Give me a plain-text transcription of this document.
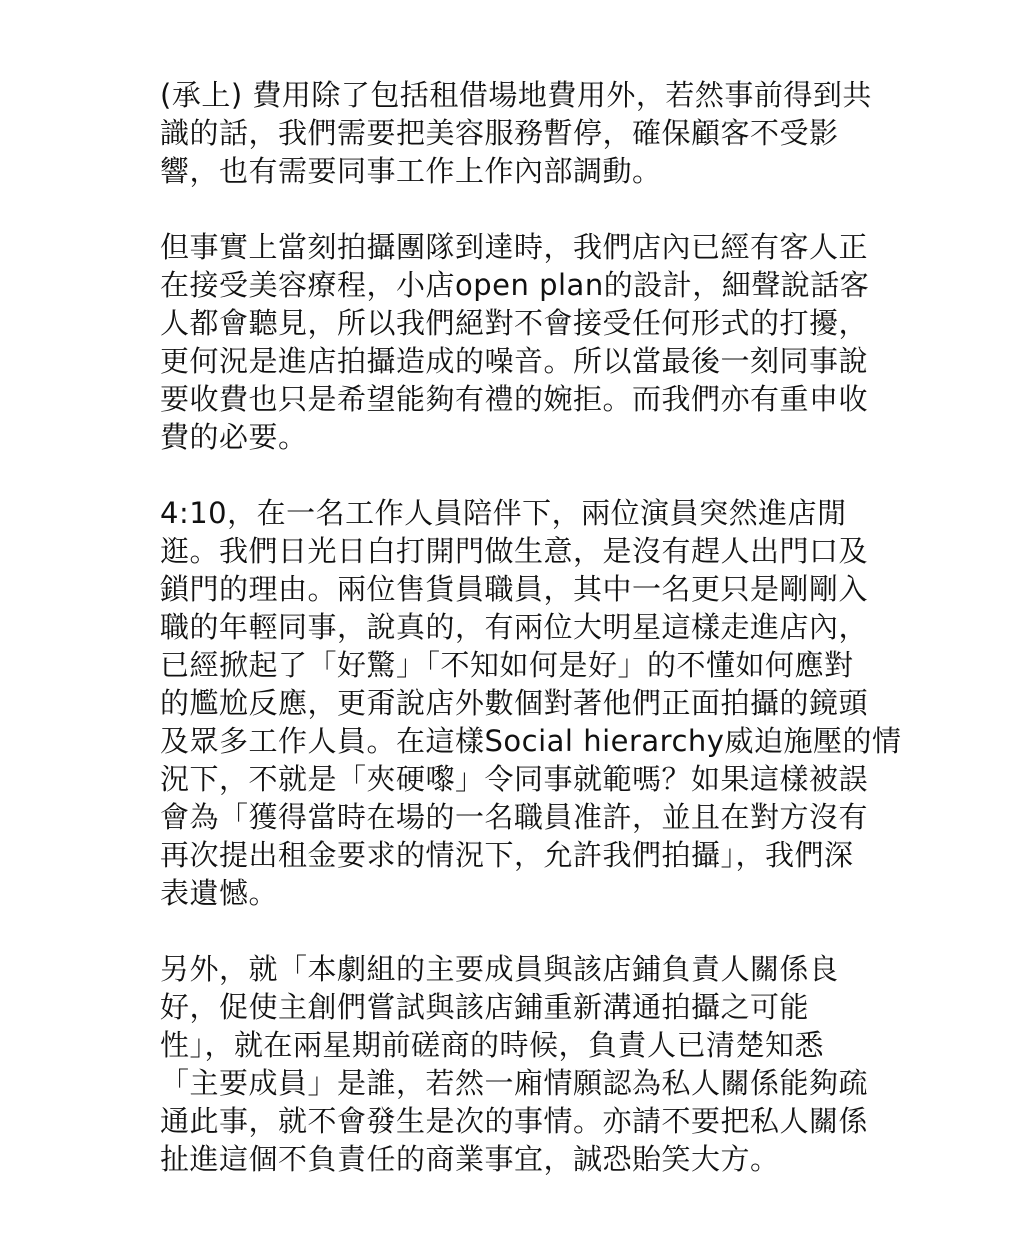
(承上) 費用除了包括租借場地費用外，若然事前得到共
識的話，我們需要把美容服務暫停，確保顧客不受影
響，也有需要同事工作上作內部調動。
但事實上當刻拍攝團隊到達時，我們店內已經有客人正
在接受美容療程，小店open plan的設計，細聲說話客
人都會聽見，所以我們絕對不會接受任何形式的打擾，
更何況是進店拍攝造成的噪音。所以當最後一刻同事說
要收費也只是希望能夠有禮的婉拒。而我們亦有重申收
費的必要。
4:10，在一名工作人員陪伴下，兩位演員突然進店閒
逛。我們日光日白打開門做生意，是沒有趕人出門口及
鎖門的理由。兩位售貨員職員，其中一名更只是剛剛入
職的年輕同事，說真的，有兩位大明星這樣走進店內，
已經掀起了「好驚」「不知如何是好」的不懂如何應對
的尷尬反應，更甭說店外數個對著他們正面拍攝的鏡頭
及眾多工作人員。在這樣Social hierarchy威迫施壓的情
況下，不就是「夾硬嚟」令同事就範嗎？如果這樣被誤
會為「獲得當時在場的一名職員准許，並且在對方沒有
再次提出租金要求的情況下，允許我們拍攝」，我們深
表遺憾。
另外，就「本劇組的主要成員與該店鋪負責人關係良
好，促使主創們嘗試與該店鋪重新溝通拍攝之可能
性」，就在兩星期前磋商的時候，負責人已清楚知悉
「主要成員」是誰，若然一廂情願認為私人關係能夠疏
通此事，就不會發生是次的事情。亦請不要把私人關係
扯進這個不負責任的商業事宜，誠恐貽笑大方。
